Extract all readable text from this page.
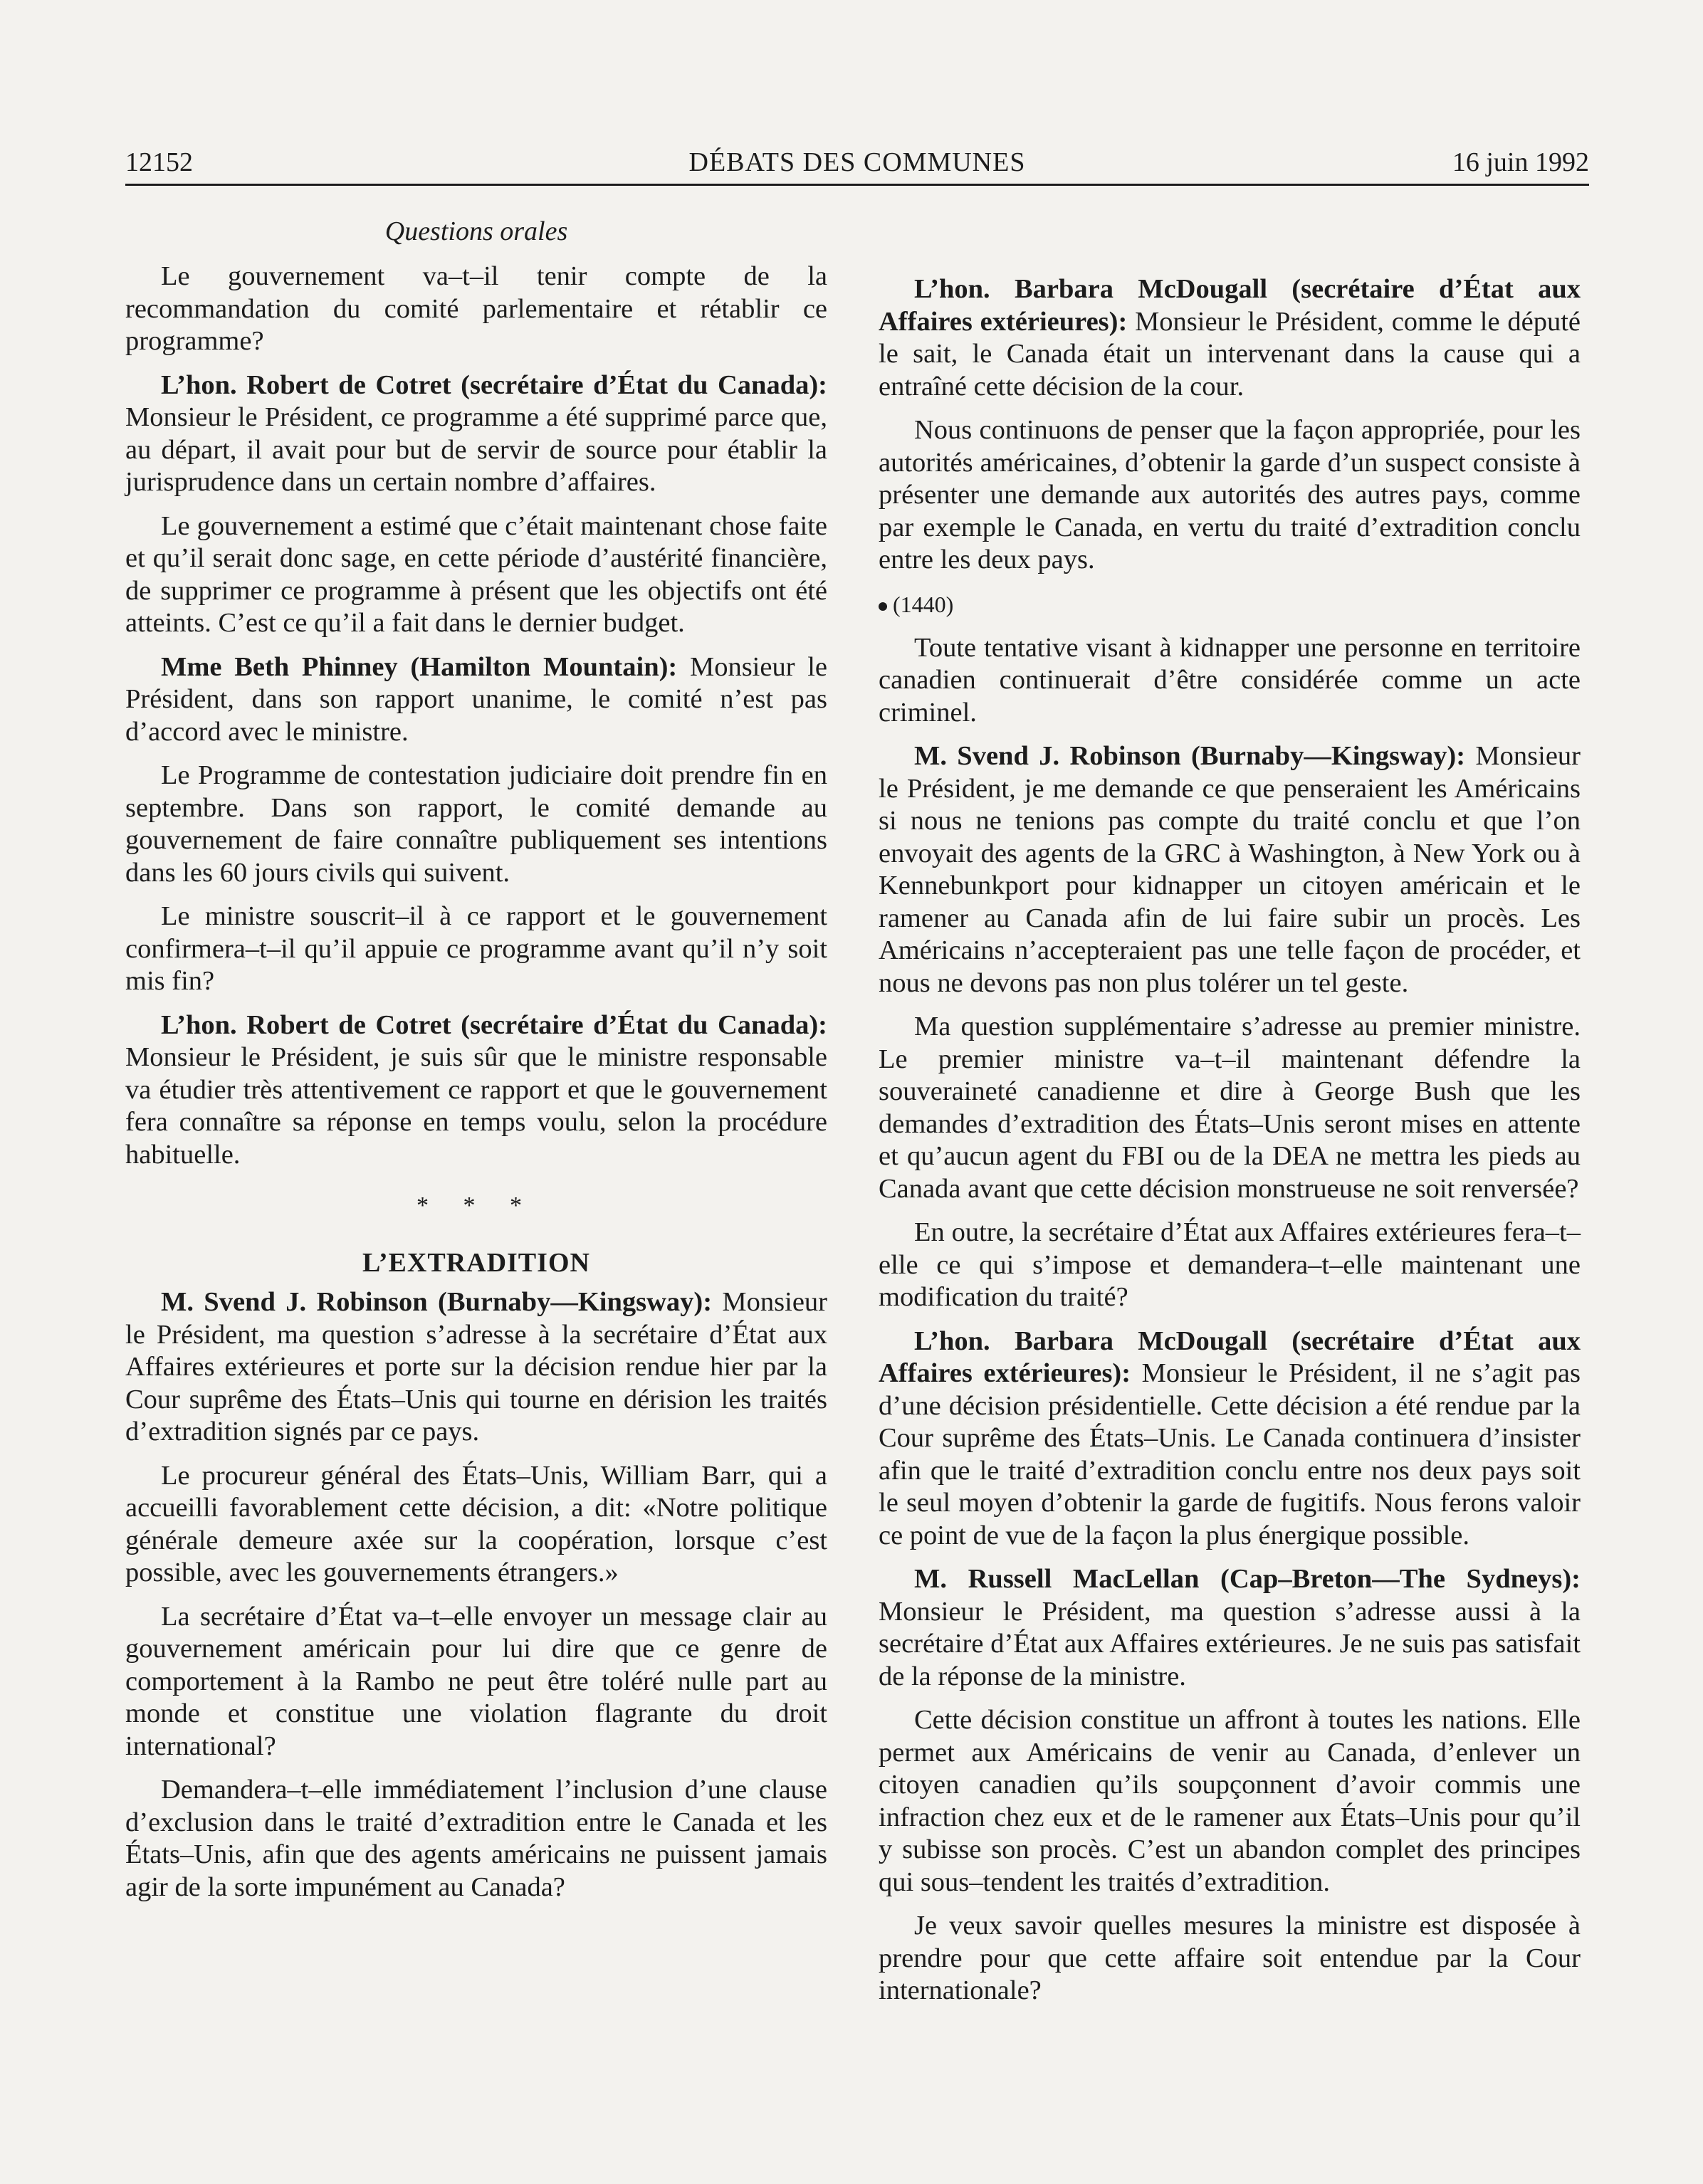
12152	DÉBATS DES COMMUNES	16 juin 1992
Questions orales

Le gouvernement va–t–il tenir compte de la recommandation du comité parlementaire et rétablir ce programme?

L’hon. Robert de Cotret (secrétaire d’État du Canada): Monsieur le Président, ce programme a été supprimé parce que, au départ, il avait pour but de servir de source pour établir la jurisprudence dans un certain nombre d’affaires.

Le gouvernement a estimé que c’était maintenant chose faite et qu’il serait donc sage, en cette période d’austérité financière, de supprimer ce programme à présent que les objectifs ont été atteints. C’est ce qu’il a fait dans le dernier budget.

Mme Beth Phinney (Hamilton Mountain): Monsieur le Président, dans son rapport unanime, le comité n’est pas d’accord avec le ministre.

Le Programme de contestation judiciaire doit prendre fin en septembre. Dans son rapport, le comité demande au gouvernement de faire connaître publiquement ses intentions dans les 60 jours civils qui suivent.

Le ministre souscrit–il à ce rapport et le gouvernement confirmera–t–il qu’il appuie ce programme avant qu’il n’y soit mis fin?

L’hon. Robert de Cotret (secrétaire d’État du Canada): Monsieur le Président, je suis sûr que le ministre responsable va étudier très attentivement ce rapport et que le gouvernement fera connaître sa réponse en temps voulu, selon la procédure habituelle.

* * *
L’EXTRADITION

M. Svend J. Robinson (Burnaby—Kingsway): Monsieur le Président, ma question s’adresse à la secrétaire d’État aux Affaires extérieures et porte sur la décision rendue hier par la Cour suprême des États–Unis qui tourne en dérision les traités d’extradition signés par ce pays.

Le procureur général des États–Unis, William Barr, qui a accueilli favorablement cette décision, a dit: «Notre politique générale demeure axée sur la coopération, lorsque c’est possible, avec les gouvernements étrangers.»

La secrétaire d’État va–t–elle envoyer un message clair au gouvernement américain pour lui dire que ce genre de comportement à la Rambo ne peut être toléré nulle part au monde et constitue une violation flagrante du droit international?

Demandera–t–elle immédiatement l’inclusion d’une clause d’exclusion dans le traité d’extradition entre le Canada et les États–Unis, afin que des agents américains ne puissent jamais agir de la sorte impunément au Canada?

L’hon. Barbara McDougall (secrétaire d’État aux Affaires extérieures): Monsieur le Président, comme le député le sait, le Canada était un intervenant dans la cause qui a entraîné cette décision de la cour.

Nous continuons de penser que la façon appropriée, pour les autorités américaines, d’obtenir la garde d’un suspect consiste à présenter une demande aux autorités des autres pays, comme par exemple le Canada, en vertu du traité d’extradition conclu entre les deux pays.

(1440)

Toute tentative visant à kidnapper une personne en territoire canadien continuerait d’être considérée comme un acte criminel.

M. Svend J. Robinson (Burnaby—Kingsway): Monsieur le Président, je me demande ce que penseraient les Américains si nous ne tenions pas compte du traité conclu et que l’on envoyait des agents de la GRC à Washington, à New York ou à Kennebunkport pour kidnapper un citoyen américain et le ramener au Canada afin de lui faire subir un procès. Les Américains n’accepteraient pas une telle façon de procéder, et nous ne devons pas non plus tolérer un tel geste.

Ma question supplémentaire s’adresse au premier ministre. Le premier ministre va–t–il maintenant défendre la souveraineté canadienne et dire à George Bush que les demandes d’extradition des États–Unis seront mises en attente et qu’aucun agent du FBI ou de la DEA ne mettra les pieds au Canada avant que cette décision monstrueuse ne soit renversée?

En outre, la secrétaire d’État aux Affaires extérieures fera–t–elle ce qui s’impose et demandera–t–elle maintenant une modification du traité?

L’hon. Barbara McDougall (secrétaire d’État aux Affaires extérieures): Monsieur le Président, il ne s’agit pas d’une décision présidentielle. Cette décision a été rendue par la Cour suprême des États–Unis. Le Canada continuera d’insister afin que le traité d’extradition conclu entre nos deux pays soit le seul moyen d’obtenir la garde de fugitifs. Nous ferons valoir ce point de vue de la façon la plus énergique possible.

M. Russell MacLellan (Cap–Breton—The Sydneys): Monsieur le Président, ma question s’adresse aussi à la secrétaire d’État aux Affaires extérieures. Je ne suis pas satisfait de la réponse de la ministre.

Cette décision constitue un affront à toutes les nations. Elle permet aux Américains de venir au Canada, d’enlever un citoyen canadien qu’ils soupçonnent d’avoir commis une infraction chez eux et de le ramener aux États–Unis pour qu’il y subisse son procès. C’est un abandon complet des principes qui sous–tendent les traités d’extradition.

Je veux savoir quelles mesures la ministre est disposée à prendre pour que cette affaire soit entendue par la Cour internationale?
